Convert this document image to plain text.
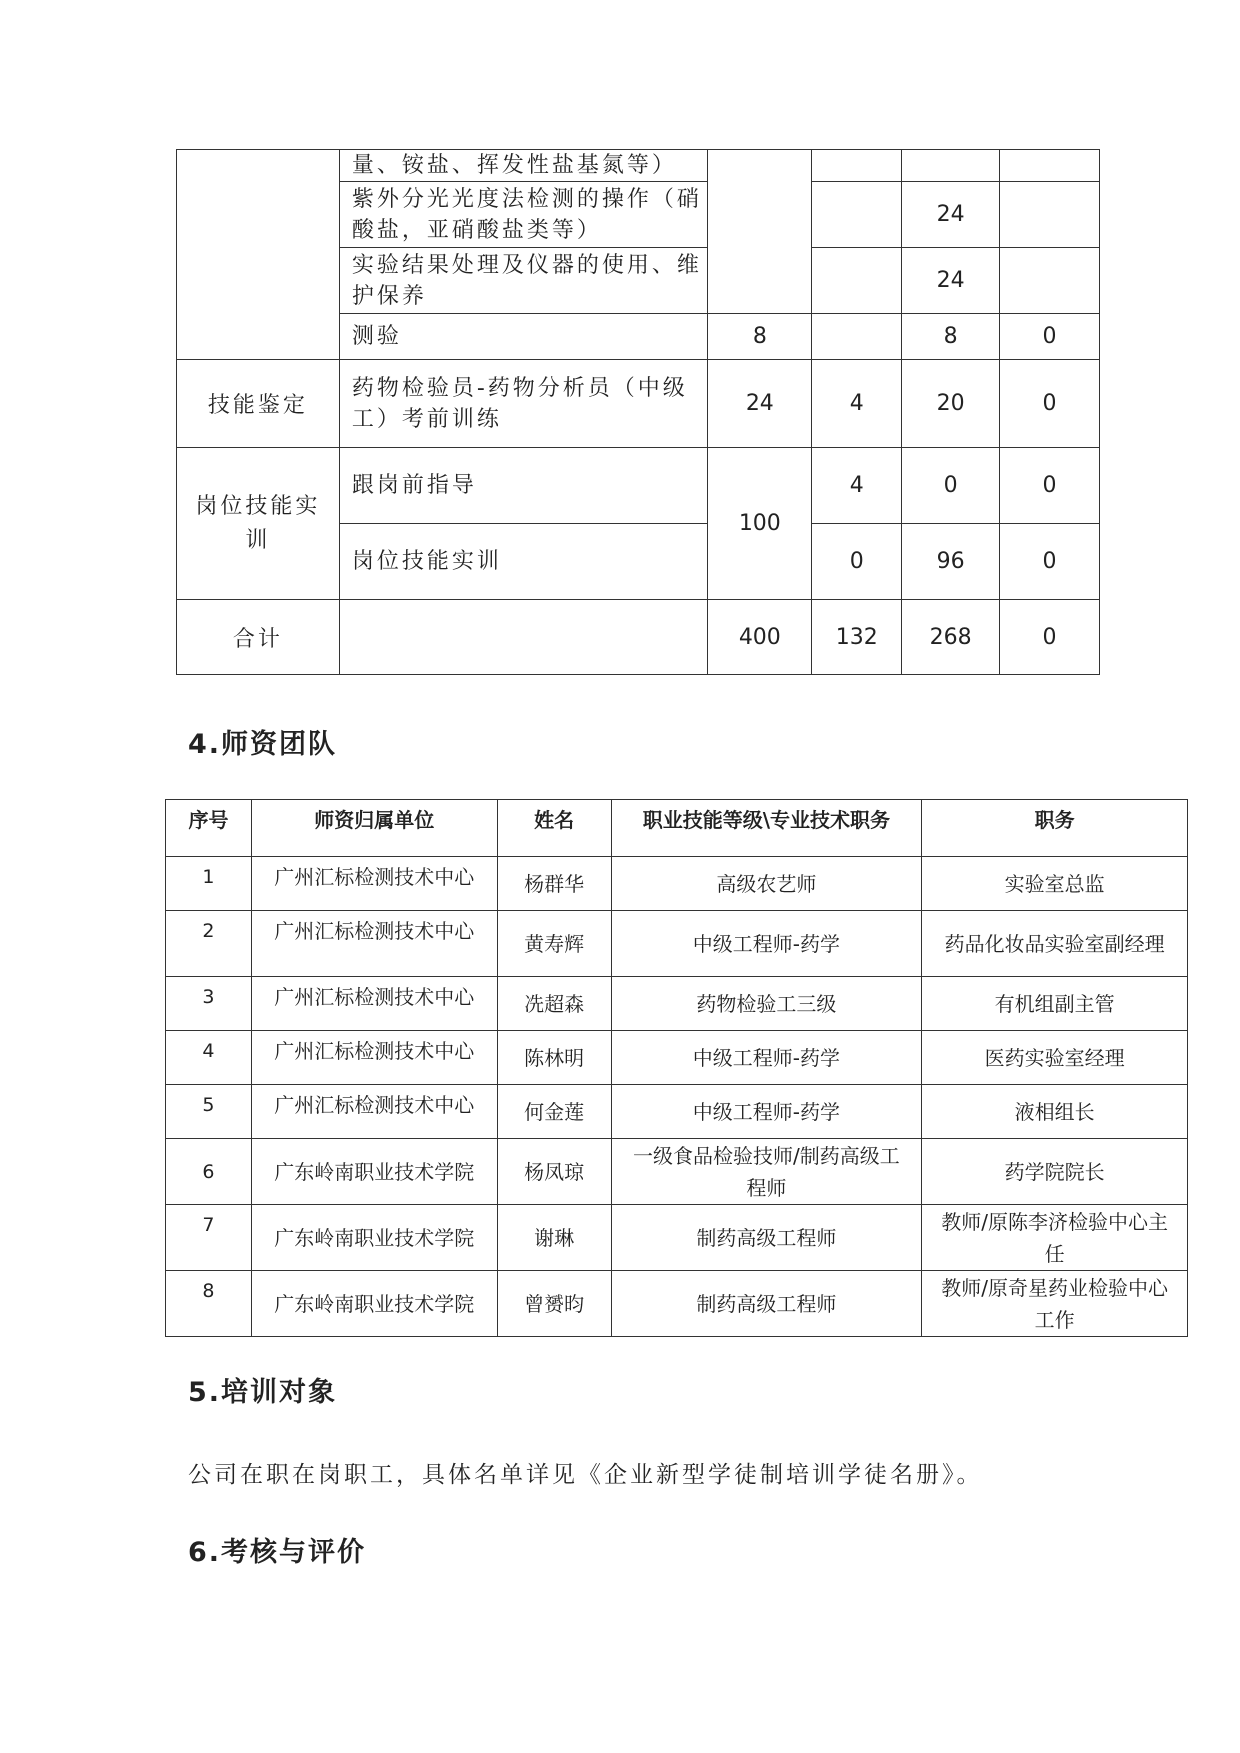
	量、铵盐、挥发性盐基氮等）				
	紫外分光光度法检测的操作（硝酸盐，亚硝酸盐类等）			24	
	实验结果处理及仪器的使用、维护保养			24	
	测验	8		8	0
技能鉴定	药物检验员-药物分析员（中级工）考前训练	24	4	20	0
岗位技能实训	跟岗前指导	100	4	0	0
	岗位技能实训		0	96	0
合计		400	132	268	0
4.师资团队
序号	师资归属单位	姓名	职业技能等级\专业技术职务	职务
1	广州汇标检测技术中心	杨群华	高级农艺师	实验室总监
2	广州汇标检测技术中心	黄寿辉	中级工程师-药学	药品化妆品实验室副经理
3	广州汇标检测技术中心	冼超森	药物检验工三级	有机组副主管
4	广州汇标检测技术中心	陈林明	中级工程师-药学	医药实验室经理
5	广州汇标检测技术中心	何金莲	中级工程师-药学	液相组长
6	广东岭南职业技术学院	杨凤琼	一级食品检验技师/制药高级工程师	药学院院长
7	广东岭南职业技术学院	谢琳	制药高级工程师	教师/原陈李济检验中心主任
8	广东岭南职业技术学院	曾赟昀	制药高级工程师	教师/原奇星药业检验中心工作
5.培训对象

公司在职在岗职工，具体名单详见《企业新型学徒制培训学徒名册》。

6.考核与评价
